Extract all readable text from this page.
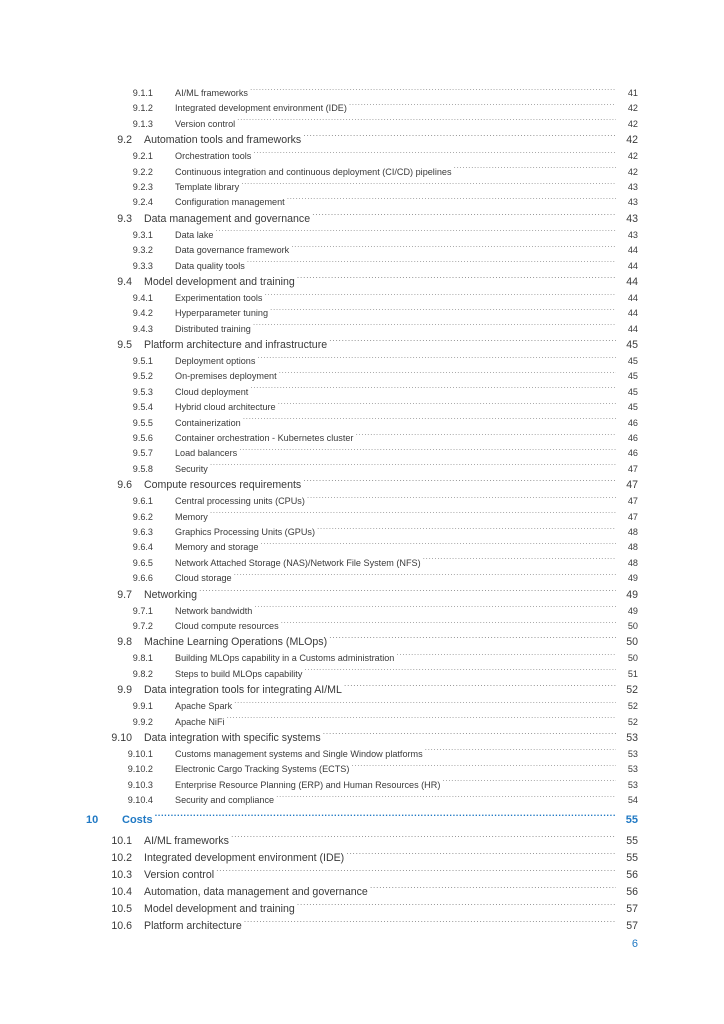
9.1.1 AI/ML frameworks .....	41
9.1.2 Integrated development environment (IDE) .....	42
9.1.3 Version control .....	42
9.2 Automation tools and frameworks .....	42
9.2.1 Orchestration tools .....	42
9.2.2 Continuous integration and continuous deployment (CI/CD) pipelines .....	42
9.2.3 Template library .....	43
9.2.4 Configuration management .....	43
9.3 Data management and governance .....	43
9.3.1 Data lake .....	43
9.3.2 Data governance framework .....	44
9.3.3 Data quality tools .....	44
9.4 Model development and training .....	44
9.4.1 Experimentation tools .....	44
9.4.2 Hyperparameter tuning .....	44
9.4.3 Distributed training .....	44
9.5 Platform architecture and infrastructure .....	45
9.5.1 Deployment options .....	45
9.5.2 On-premises deployment .....	45
9.5.3 Cloud deployment .....	45
9.5.4 Hybrid cloud architecture .....	45
9.5.5 Containerization .....	46
9.5.6 Container orchestration - Kubernetes cluster .....	46
9.5.7 Load balancers .....	46
9.5.8 Security .....	47
9.6 Compute resources requirements .....	47
9.6.1 Central processing units (CPUs) .....	47
9.6.2 Memory .....	47
9.6.3 Graphics Processing Units (GPUs) .....	48
9.6.4 Memory and storage .....	48
9.6.5 Network Attached Storage (NAS)/Network File System (NFS) .....	48
9.6.6 Cloud storage .....	49
9.7 Networking .....	49
9.7.1 Network bandwidth .....	49
9.7.2 Cloud compute resources .....	50
9.8 Machine Learning Operations (MLOps) .....	50
9.8.1 Building MLOps capability in a Customs administration .....	50
9.8.2 Steps to build MLOps capability .....	51
9.9 Data integration tools for integrating AI/ML .....	52
9.9.1 Apache Spark .....	52
9.9.2 Apache NiFi .....	52
9.10 Data integration with specific systems .....	53
9.10.1 Customs management systems and Single Window platforms .....	53
9.10.2 Electronic Cargo Tracking Systems (ECTS) .....	53
9.10.3 Enterprise Resource Planning (ERP) and Human Resources (HR) .....	53
9.10.4 Security and compliance .....	54
10	Costs .....	55
10.1 AI/ML frameworks .....	55
10.2 Integrated development environment (IDE) .....	55
10.3 Version control .....	56
10.4 Automation, data management and governance .....	56
10.5 Model development and training .....	57
10.6 Platform architecture .....	57
6
